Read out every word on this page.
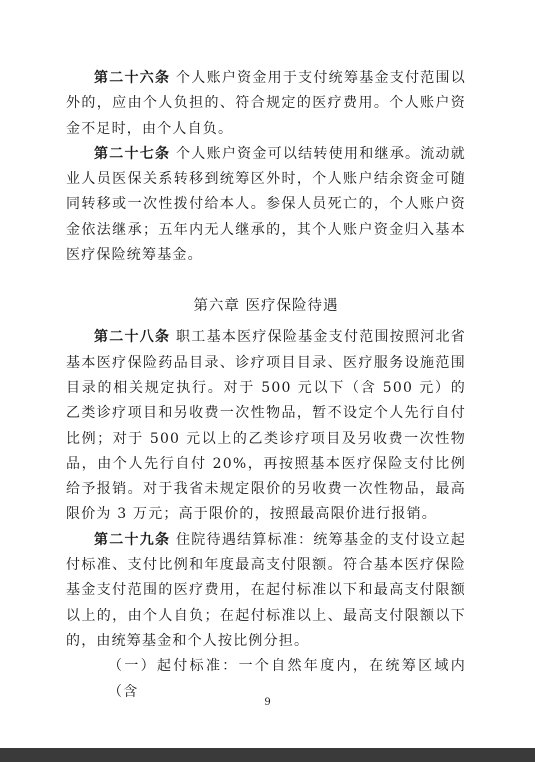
第二十六条 个人账户资金用于支付统筹基金支付范围以外的，应由个人负担的、符合规定的医疗费用。个人账户资金不足时，由个人自负。

第二十七条 个人账户资金可以结转使用和继承。流动就业人员医保关系转移到统筹区外时，个人账户结余资金可随同转移或一次性拨付给本人。参保人员死亡的，个人账户资金依法继承；五年内无人继承的，其个人账户资金归入基本医疗保险统筹基金。

第六章 医疗保险待遇

第二十八条 职工基本医疗保险基金支付范围按照河北省基本医疗保险药品目录、诊疗项目目录、医疗服务设施范围目录的相关规定执行。对于 500 元以下（含 500 元）的乙类诊疗项目和另收费一次性物品，暂不设定个人先行自付比例；对于 500 元以上的乙类诊疗项目及另收费一次性物品，由个人先行自付 20%，再按照基本医疗保险支付比例给予报销。对于我省未规定限价的另收费一次性物品，最高限价为 3 万元；高于限价的，按照最高限价进行报销。

第二十九条 住院待遇结算标准：统筹基金的支付设立起付标准、支付比例和年度最高支付限额。符合基本医疗保险基金支付范围的医疗费用，在起付标准以下和最高支付限额以上的，由个人自负；在起付标准以上、最高支付限额以下的，由统筹基金和个人按比例分担。

（一）起付标准：一个自然年度内，在统筹区域内（含

9
